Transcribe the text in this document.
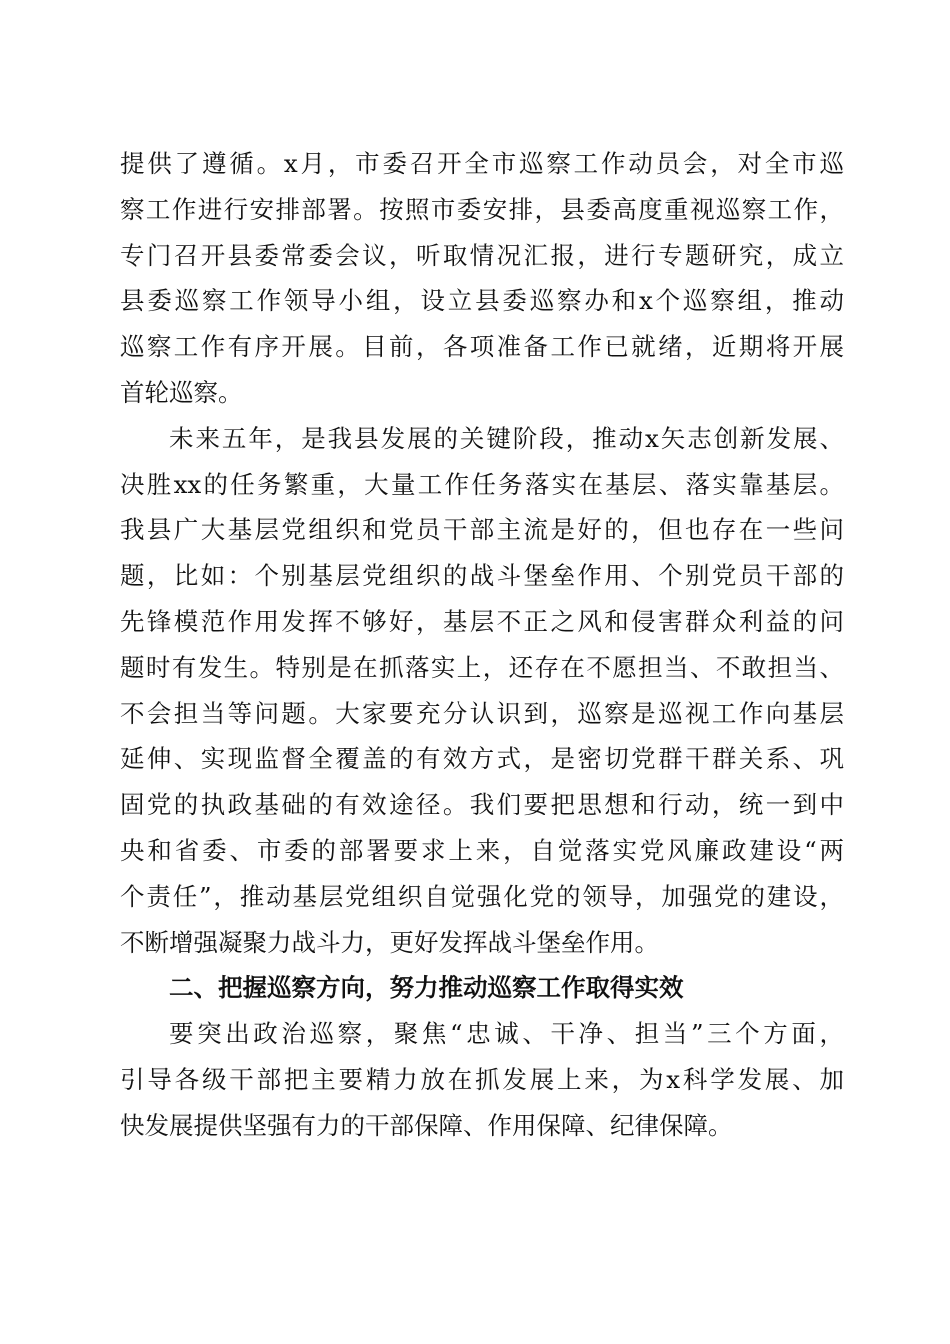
提供了遵循。x月，市委召开全市巡察工作动员会，对全市巡
察工作进行安排部署。按照市委安排，县委高度重视巡察工作，
专门召开县委常委会议，听取情况汇报，进行专题研究，成立
县委巡察工作领导小组，设立县委巡察办和x个巡察组，推动
巡察工作有序开展。目前，各项准备工作已就绪，近期将开展
首轮巡察。
未来五年，是我县发展的关键阶段，推动x矢志创新发展、
决胜xx的任务繁重，大量工作任务落实在基层、落实靠基层。
我县广大基层党组织和党员干部主流是好的，但也存在一些问
题，比如：个别基层党组织的战斗堡垒作用、个别党员干部的
先锋模范作用发挥不够好，基层不正之风和侵害群众利益的问
题时有发生。特别是在抓落实上，还存在不愿担当、不敢担当、
不会担当等问题。大家要充分认识到，巡察是巡视工作向基层
延伸、实现监督全覆盖的有效方式，是密切党群干群关系、巩
固党的执政基础的有效途径。我们要把思想和行动，统一到中
央和省委、市委的部署要求上来，自觉落实党风廉政建设“两
个责任”，推动基层党组织自觉强化党的领导，加强党的建设，
不断增强凝聚力战斗力，更好发挥战斗堡垒作用。
二、把握巡察方向，努力推动巡察工作取得实效
要突出政治巡察，聚焦“忠诚、干净、担当”三个方面，
引导各级干部把主要精力放在抓发展上来，为x科学发展、加
快发展提供坚强有力的干部保障、作用保障、纪律保障。
